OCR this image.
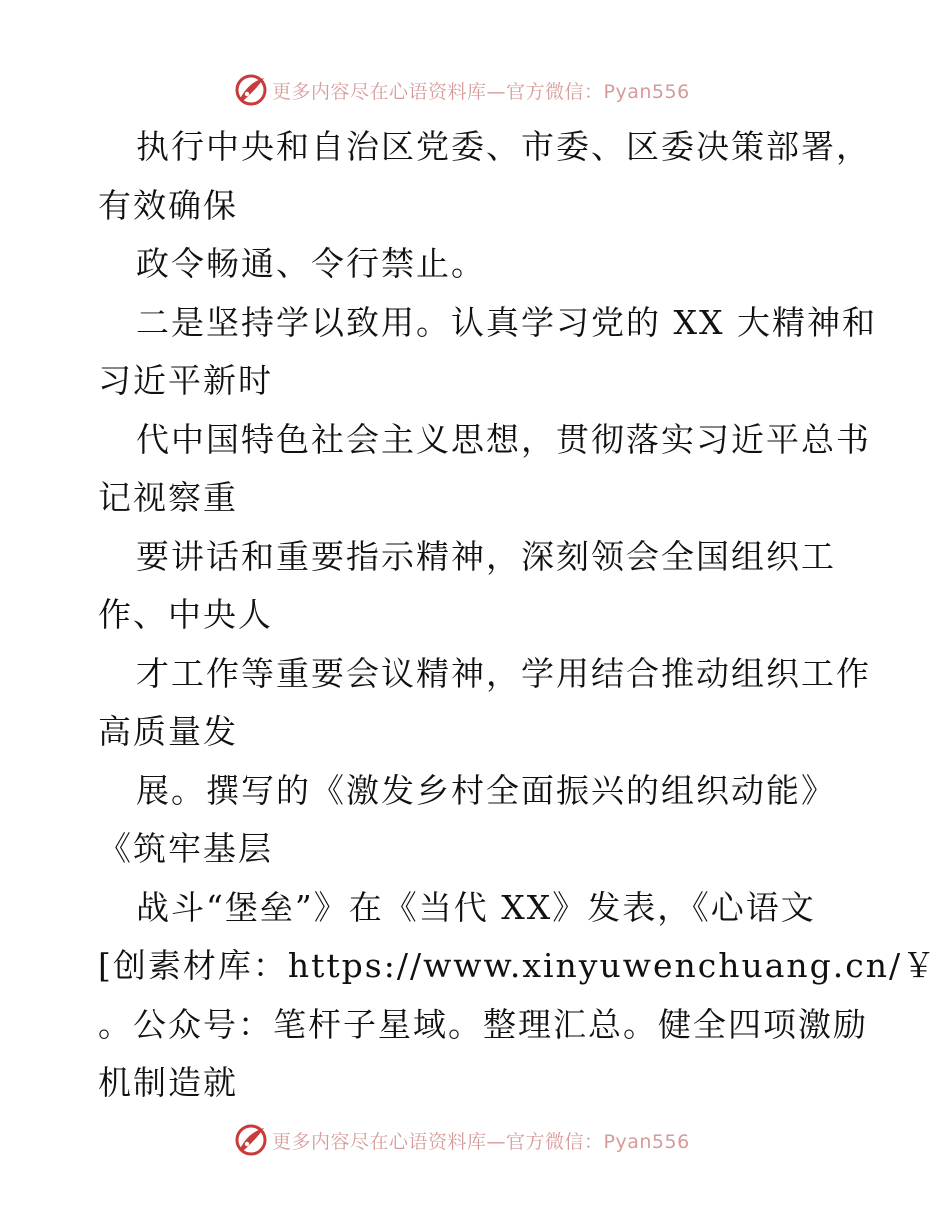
更多内容尽在心语资料库—官方微信：Pyan556
执行中央和自治区党委、市委、区委决策部署，
有效确保
政令畅通、令行禁止。
二是坚持学以致用。认真学习党的 XX 大精神和
习近平新时
代中国特色社会主义思想，贯彻落实习近平总书
记视察重
要讲话和重要指示精神，深刻领会全国组织工
作、中央人
才工作等重要会议精神，学用结合推动组织工作
高质量发
展。撰写的《激发乡村全面振兴的组织动能》
《筑牢基层
战斗“堡垒”》在《当代 XX》发表，《心语文
[创素材库：https://www.xinyuwenchuang.cn/￥
。公众号：笔杆子星域。整理汇总。健全四项激励
机制造就
更多内容尽在心语资料库—官方微信：Pyan556
